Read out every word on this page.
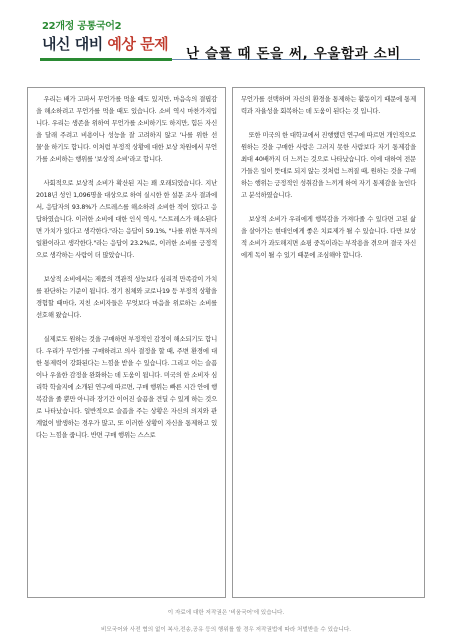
22개정 공통국어2
내신 대비 예상 문제
난 슬플 때 돈을 써, 우울함과 소비

우리는 배가 고파서 무언가를 먹을 때도 있지만, 마음속의 결핍감을 해소하려고 무언가를 먹을 때도 있습니다. 소비 역시 마찬가지입니다. 우리는 생존을 위하여 무언가를 소비하기도 하지만, 힘든 자신을 달래 주려고 비용이나 성능을 잘 고려하지 않고 '나를 위한 선물'을 하기도 합니다. 이처럼 부정적 상황에 대한 보상 차원에서 무언가를 소비하는 행위를 '보상적 소비'라고 합니다.

사회적으로 보상적 소비가 확산된 지는 꽤 오래되었습니다. 지난 2018년 성인 1,096명을 대상으로 하여 실시한 한 설문 조사 결과에서, 응답자의 93.8%가 스트레스를 해소하려 소비한 적이 있다고 응답하였습니다. 이러한 소비에 대한 인식 역시, "스트레스가 해소된다면 가치가 있다고 생각한다."라는 응답이 59.1%, "나를 위한 투자의 일환이라고 생각한다."라는 응답이 23.2%로, 이러한 소비를 긍정적으로 생각하는 사람이 더 많았습니다.

보상적 소비에서는 제품의 객관적 성능보다 심리적 만족감이 가치를 판단하는 기준이 됩니다. 경기 침체와 코로나19 등 부정적 상황을 경험할 때마다, 지친 소비자들은 무엇보다 마음을 위로하는 소비를 선호해 왔습니다.

실제로도 원하는 것을 구매하면 부정적인 감정이 해소되기도 합니다. 우리가 무언가를 구매하려고 의사 결정을 할 때, 주변 환경에 대한 통제력이 강화된다는 느낌을 받을 수 있습니다. 그리고 이는 슬픔이나 우울한 감정을 완화하는 데 도움이 됩니다. 미국의 한 소비자 심리학 학술지에 소개된 연구에 따르면, 구매 행위는 빠른 시간 안에 행복감을 줄 뿐만 아니라 장기간 이어진 슬픔을 견딜 수 있게 하는 것으로 나타났습니다. 일반적으로 슬픔을 주는 상황은 자신의 의지와 관계없이 발생하는 경우가 많고, 또 이러한 상황이 자신을 통제하고 있다는 느낌을 줍니다. 반면 구매 행위는 스스로

무언가를 선택하며 자신의 환경을 통제하는 활동이기 때문에 통제력과 자율성을 회복하는 데 도움이 된다는 것 입니다.

또한 미국의 한 대학교에서 진행했던 연구에 따르면 개인적으로 원하는 것을 구매한 사람은 그러지 못한 사람보다 자기 통제감을 최대 40배까지 더 느끼는 것으로 나타났습니다. 이에 대하여 전문가들은 일이 뜻대로 되지 않는 것처럼 느껴질 때, 원하는 것을 구매하는 행위는 긍정적인 성취감을 느끼게 하여 자기 통제감을 높인다고 분석하였습니다.

보상적 소비가 우리에게 행복감을 가져다줄 수 있다면 고된 삶을 살아가는 현대인에게 좋은 치료제가 될 수 있습니다. 다만 보상적 소비가 과도해지면 쇼핑 중독이라는 부작용을 겪으며 결국 자신에게 독이 될 수 있기 때문에 조심해야 합니다.

이 자료에 대한 저작권은 '비움국어'에 있습니다.
비모국어와 사전 협의 없이 복사,전송,공유 등의 행위를 할 경우 저작권법에 따라 처벌받을 수 있습니다.
